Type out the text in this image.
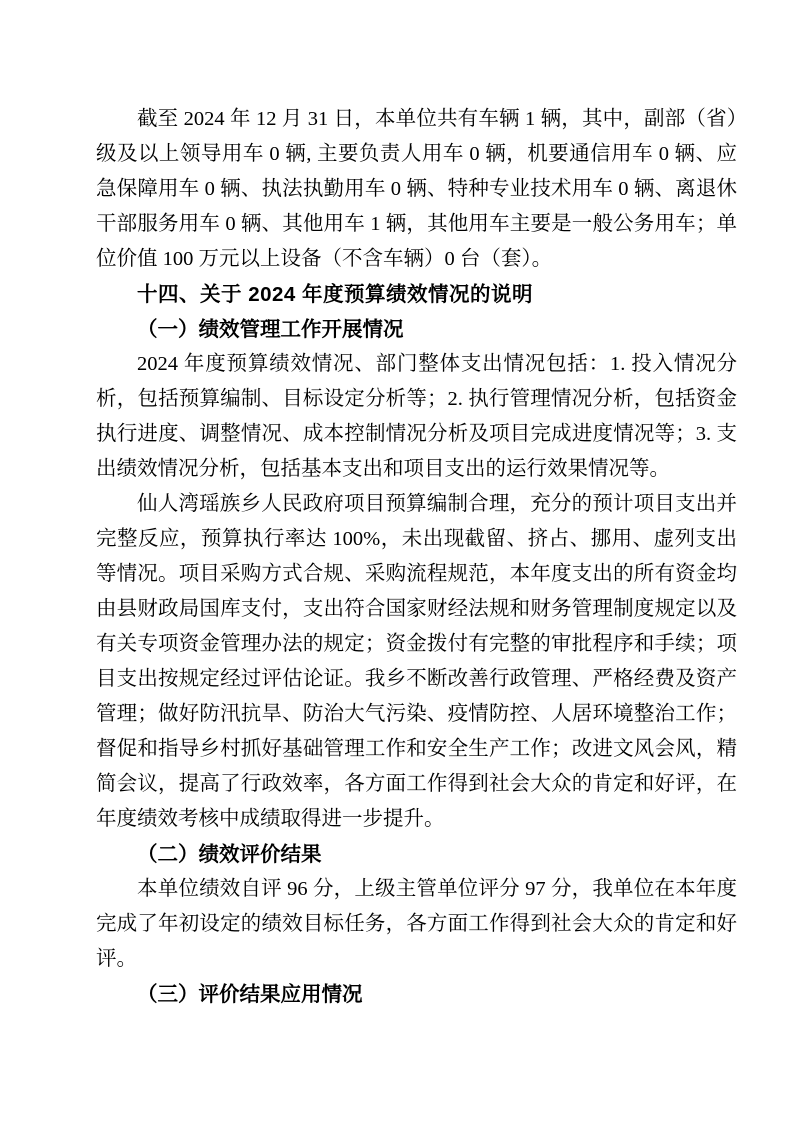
截至 2024 年 12 月 31 日，本单位共有车辆 1 辆，其中，副部（省）级及以上领导用车 0 辆, 主要负责人用车 0 辆，机要通信用车 0 辆、应急保障用车 0 辆、执法执勤用车 0 辆、特种专业技术用车 0 辆、离退休干部服务用车 0 辆、其他用车 1 辆，其他用车主要是一般公务用车；单位价值 100 万元以上设备（不含车辆）0 台（套）。

十四、关于 2024 年度预算绩效情况的说明
（一）绩效管理工作开展情况

2024 年度预算绩效情况、部门整体支出情况包括：1. 投入情况分析，包括预算编制、目标设定分析等；2. 执行管理情况分析，包括资金执行进度、调整情况、成本控制情况分析及项目完成进度情况等；3. 支出绩效情况分析，包括基本支出和项目支出的运行效果情况等。

仙人湾瑶族乡人民政府项目预算编制合理，充分的预计项目支出并完整反应，预算执行率达 100%，未出现截留、挤占、挪用、虚列支出等情况。项目采购方式合规、采购流程规范，本年度支出的所有资金均由县财政局国库支付，支出符合国家财经法规和财务管理制度规定以及有关专项资金管理办法的规定；资金拨付有完整的审批程序和手续；项目支出按规定经过评估论证。我乡不断改善行政管理、严格经费及资产管理；做好防汛抗旱、防治大气污染、疫情防控、人居环境整治工作；督促和指导乡村抓好基础管理工作和安全生产工作；改进文风会风，精简会议，提高了行政效率，各方面工作得到社会大众的肯定和好评，在年度绩效考核中成绩取得进一步提升。

（二）绩效评价结果

本单位绩效自评 96 分，上级主管单位评分 97 分，我单位在本年度完成了年初设定的绩效目标任务，各方面工作得到社会大众的肯定和好评。

（三）评价结果应用情况
